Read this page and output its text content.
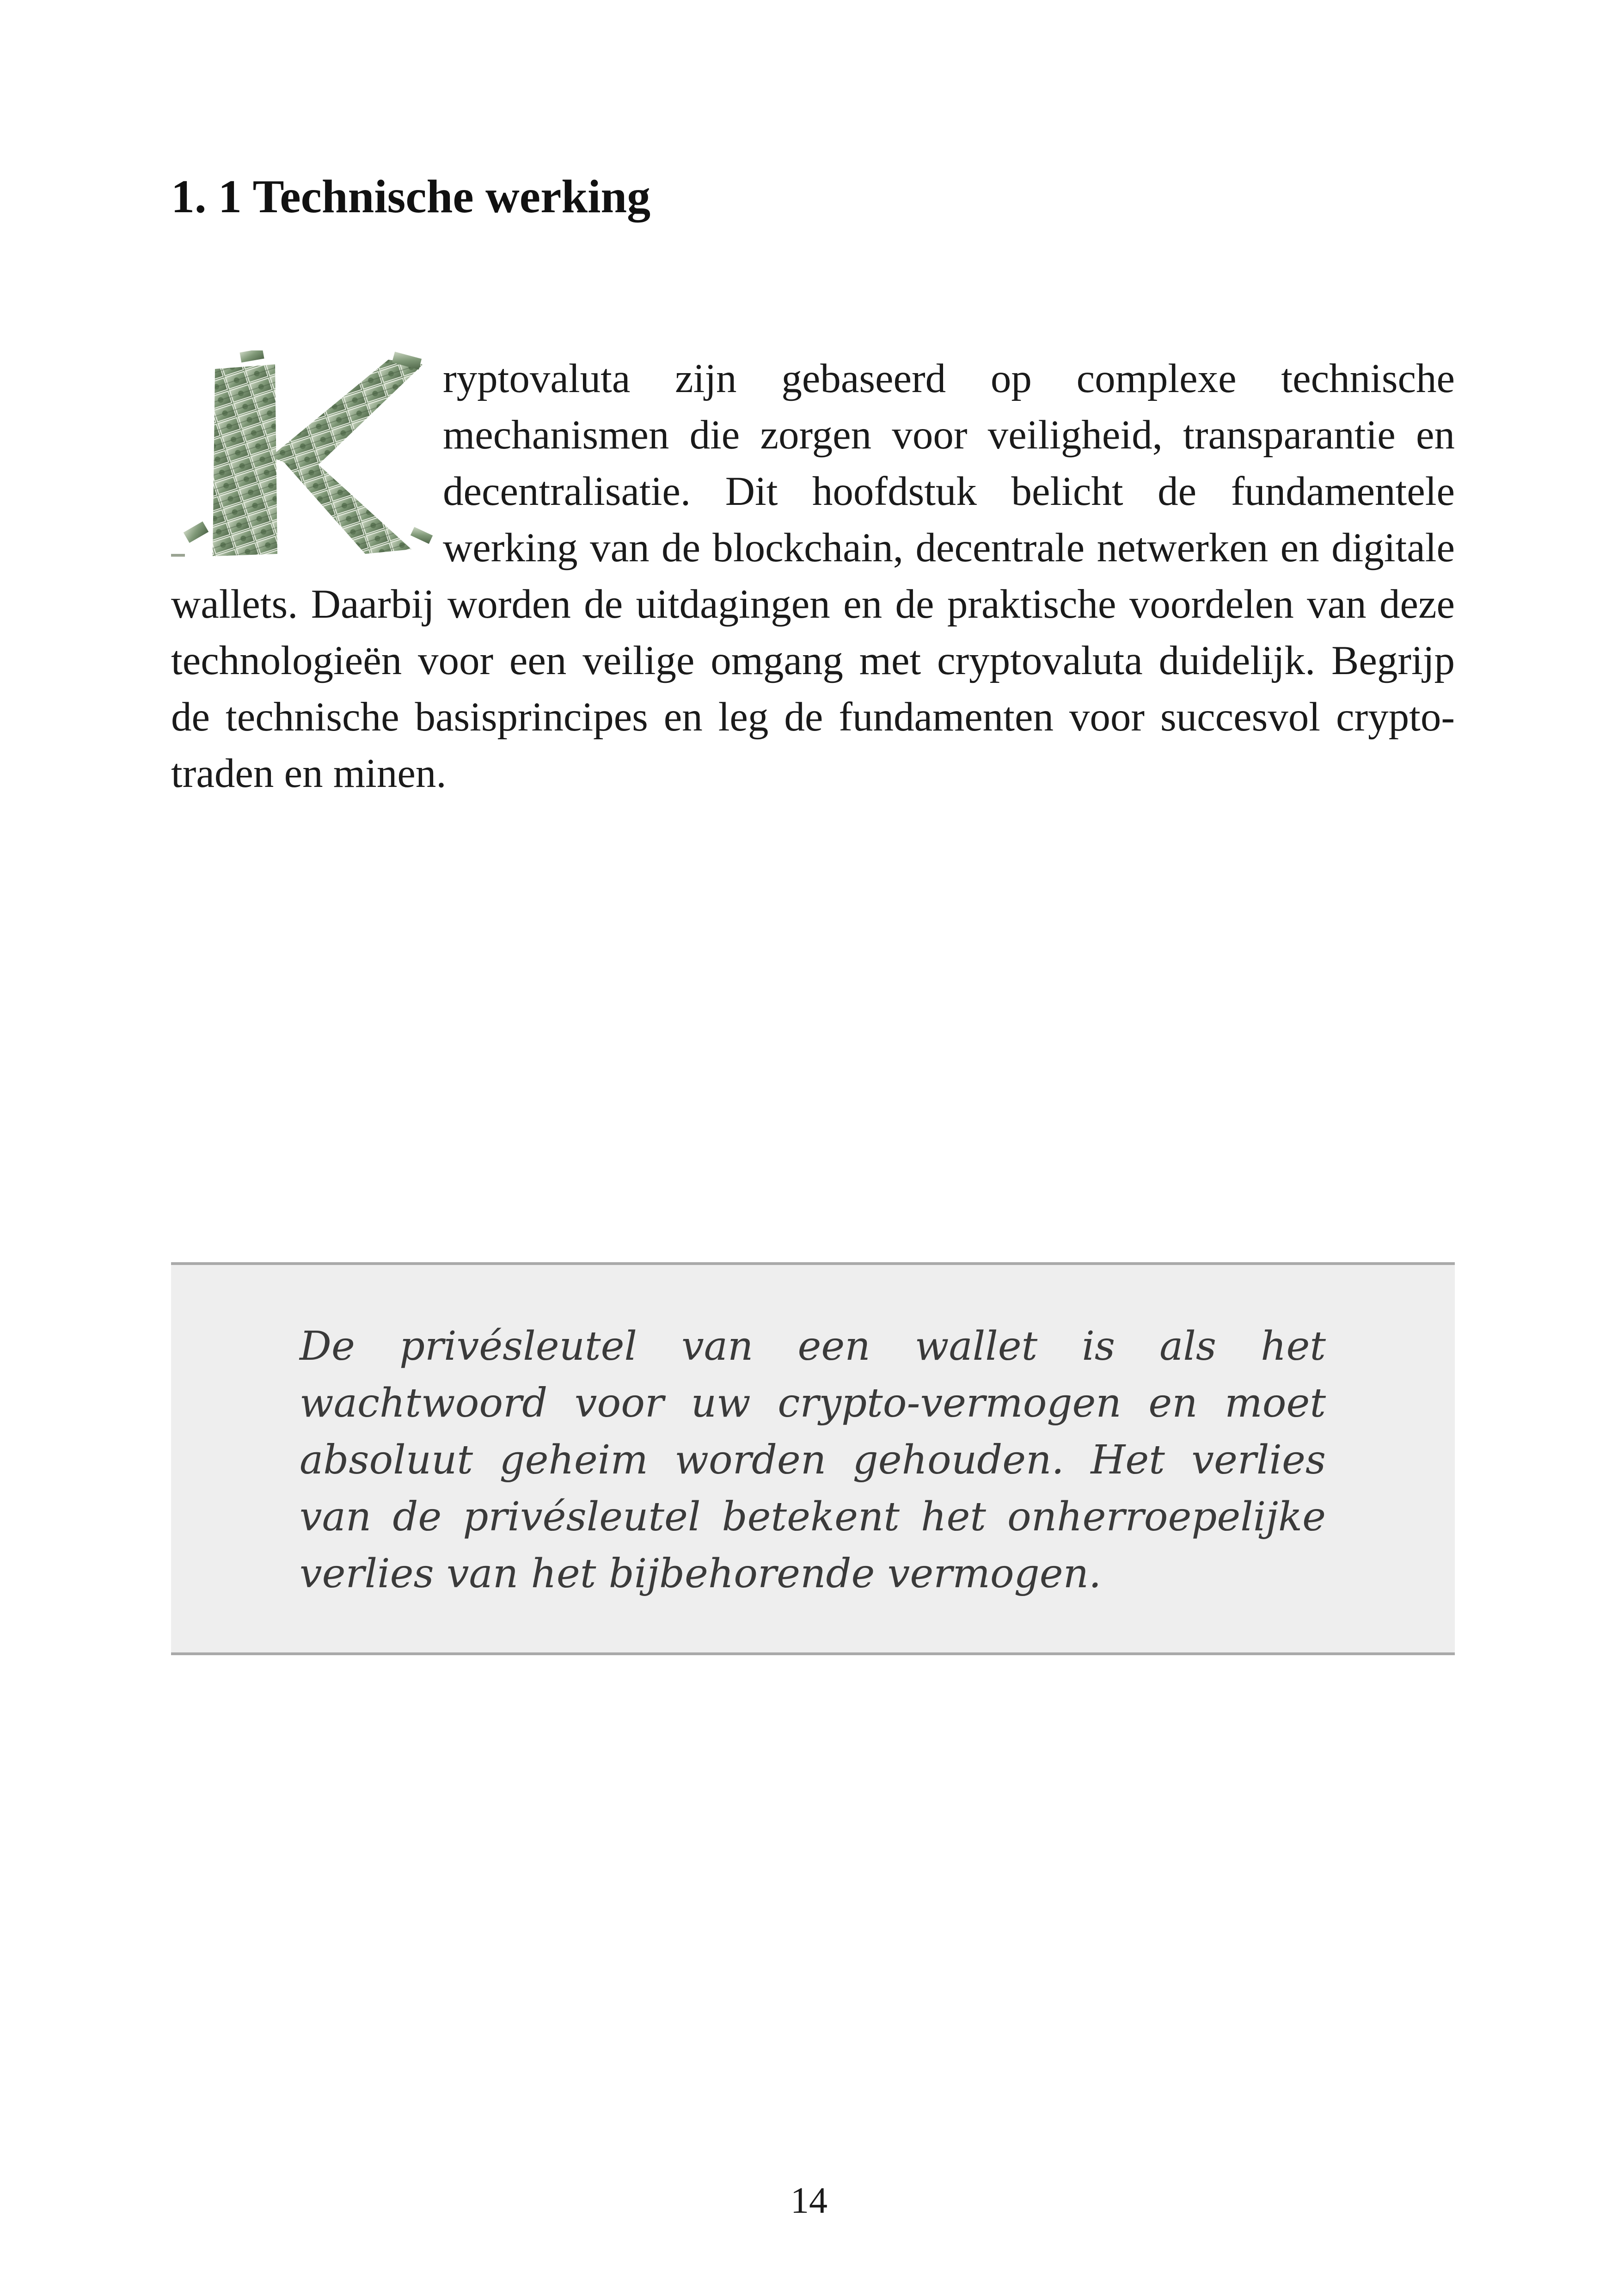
1. 1 Technische werking

ryptovaluta zijn gebaseerd op complexe technische mechanismen die zorgen voor veiligheid, transparantie en decentralisatie. Dit hoofdstuk belicht de fundamentele werking van de blockchain, decentrale netwerken en digitale wallets. Daarbij worden de uitdagingen en de praktische voordelen van deze technologieën voor een veilige omgang met cryptovaluta duidelijk. Begrijp de technische basisprincipes en leg de fundamenten voor succesvol crypto-traden en minen.

De privésleutel van een wallet is als het wachtwoord voor uw crypto-vermogen en moet absoluut geheim worden gehouden. Het verlies van de privésleutel betekent het onherroepelijke verlies van het bijbehorende vermogen.

14
